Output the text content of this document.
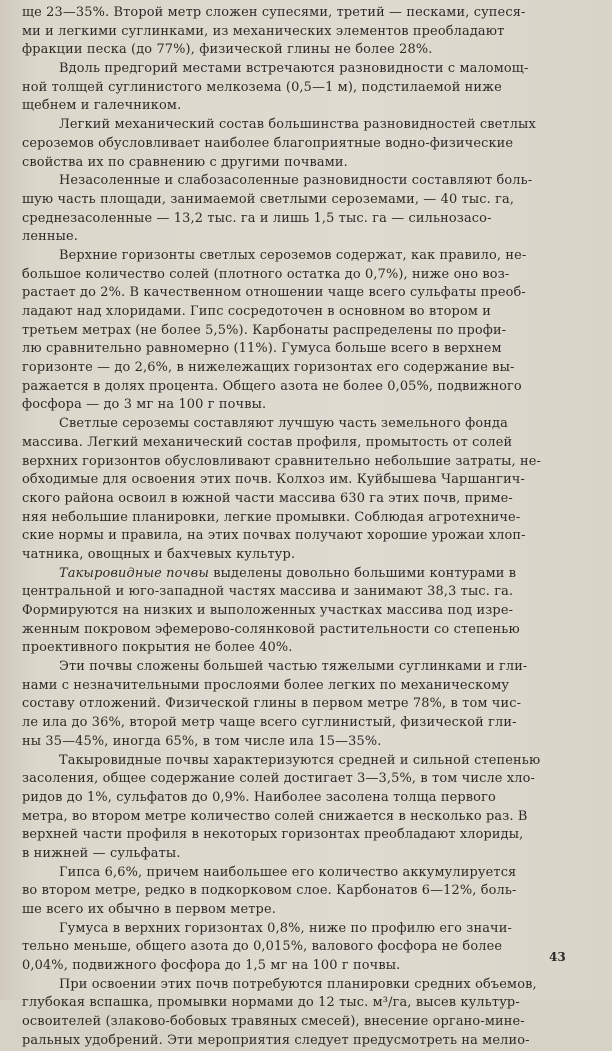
ще 23—35%. Второй метр сложен супесями, третий — песками, супеся-
ми и легкими суглинками, из механических элементов преобладают
фракции песка (до 77%), физической глины не более 28%.
Вдоль предгорий местами встречаются разновидности с маломощ-
ной толщей суглинистого мелкозема (0,5—1 м), подстилаемой ниже
щебнем и галечником.
Легкий механический состав большинства разновидностей светлых
сероземов обусловливает наиболее благоприятные водно-физические
свойства их по сравнению с другими почвами.
Незасоленные и слабозасоленные разновидности составляют боль-
шую часть площади, занимаемой светлыми сероземами, — 40 тыс. га,
среднезасоленные — 13,2 тыс. га и лишь 1,5 тыс. га — сильнозасо-
ленные.
Верхние горизонты светлых сероземов содержат, как правило, не-
большое количество солей (плотного остатка до 0,7%), ниже оно воз-
растает до 2%. В качественном отношении чаще всего сульфаты преоб-
ладают над хлоридами. Гипс сосредоточен в основном во втором и
третьем метрах (не более 5,5%). Карбонаты распределены по профи-
лю сравнительно равномерно (11%). Гумуса больше всего в верхнем
горизонте — до 2,6%, в нижележащих горизонтах его содержание вы-
ражается в долях процента. Общего азота не более 0,05%, подвижного
фосфора — до 3 мг на 100 г почвы.
Светлые сероземы составляют лучшую часть земельного фонда
массива. Легкий механический состав профиля, промытость от солей
верхних горизонтов обусловливают сравнительно небольшие затраты, не-
обходимые для освоения этих почв. Колхоз им. Куйбышева Чаршангич-
ского района освоил в южной части массива 630 га этих почв, приме-
няя небольшие планировки, легкие промывки. Соблюдая агротехниче-
ские нормы и правила, на этих почвах получают хорошие урожаи хлоп-
чатника, овощных и бахчевых культур.
Такыровидные почвы выделены довольно большими контурами в
центральной и юго-западной частях массива и занимают 38,3 тыс. га.
Формируются на низких и выположенных участках массива под изре-
женным покровом эфемерово-солянковой растительности со степенью
проективного покрытия не более 40%.
Эти почвы сложены большей частью тяжелыми суглинками и гли-
нами с незначительными прослоями более легких по механическому
составу отложений. Физической глины в первом метре 78%, в том чис-
ле ила до 36%, второй метр чаще всего суглинистый, физической гли-
ны 35—45%, иногда 65%, в том числе ила 15—35%.
Такыровидные почвы характеризуются средней и сильной степенью
засоления, общее содержание солей достигает 3—3,5%, в том числе хло-
ридов до 1%, сульфатов до 0,9%. Наиболее засолена толща первого
метра, во втором метре количество солей снижается в несколько раз. В
верхней части профиля в некоторых горизонтах преобладают хлориды,
в нижней — сульфаты.
Гипса 6,6%, причем наибольшее его количество аккумулируется
во втором метре, редко в подкорковом слое. Карбонатов 6—12%, боль-
ше всего их обычно в первом метре.
Гумуса в верхних горизонтах 0,8%, ниже по профилю его значи-
тельно меньше, общего азота до 0,015%, валового фосфора не более
0,04%, подвижного фосфора до 1,5 мг на 100 г почвы.
При освоении этих почв потребуются планировки средних объемов,
глубокая вспашка, промывки нормами до 12 тыс. м³/га, высев культур-
освоителей (злаково-бобовых травяных смесей), внесение органо-мине-
ральных удобрений. Эти мероприятия следует предусмотреть на мелио-
43
